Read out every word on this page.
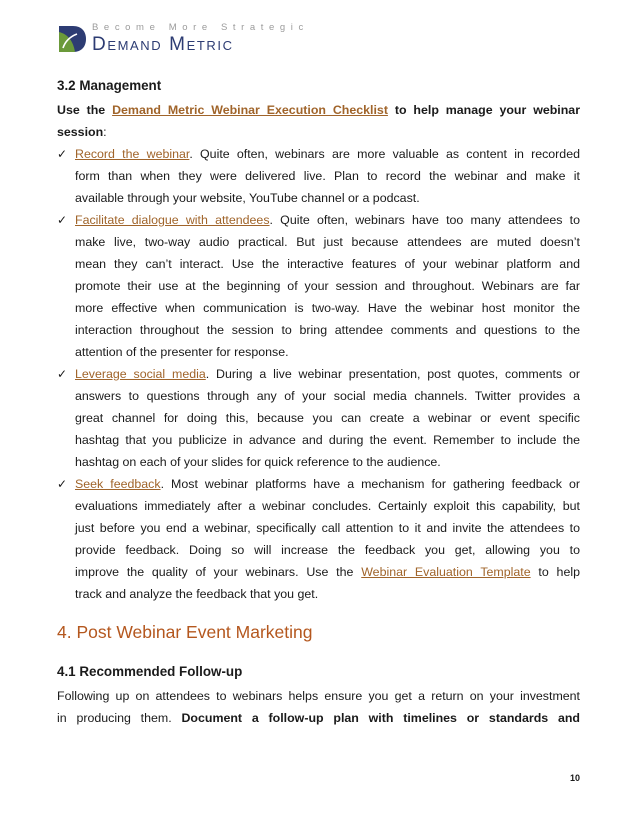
Become More Strategic
Demand Metric
3.2 Management
Use the Demand Metric Webinar Execution Checklist to help manage your webinar
session:
✓ Record the webinar. Quite often, webinars are more valuable as content in recorded
form than when they were delivered live. Plan to record the webinar and make it
available through your website, YouTube channel or a podcast.
✓ Facilitate dialogue with attendees. Quite often, webinars have too many attendees to
make live, two-way audio practical. But just because attendees are muted doesn’t
mean they can’t interact. Use the interactive features of your webinar platform and
promote their use at the beginning of your session and throughout. Webinars are far
more effective when communication is two-way. Have the webinar host monitor the
interaction throughout the session to bring attendee comments and questions to the
attention of the presenter for response.
✓ Leverage social media. During a live webinar presentation, post quotes, comments or
answers to questions through any of your social media channels. Twitter provides a
great channel for doing this, because you can create a webinar or event specific
hashtag that you publicize in advance and during the event. Remember to include the
hashtag on each of your slides for quick reference to the audience.
✓ Seek feedback. Most webinar platforms have a mechanism for gathering feedback or
evaluations immediately after a webinar concludes. Certainly exploit this capability, but
just before you end a webinar, specifically call attention to it and invite the attendees to
provide feedback. Doing so will increase the feedback you get, allowing you to
improve the quality of your webinars. Use the Webinar Evaluation Template to help
track and analyze the feedback that you get.
4. Post Webinar Event Marketing
4.1 Recommended Follow-up
Following up on attendees to webinars helps ensure you get a return on your investment
in producing them. Document a follow-up plan with timelines or standards and
10
